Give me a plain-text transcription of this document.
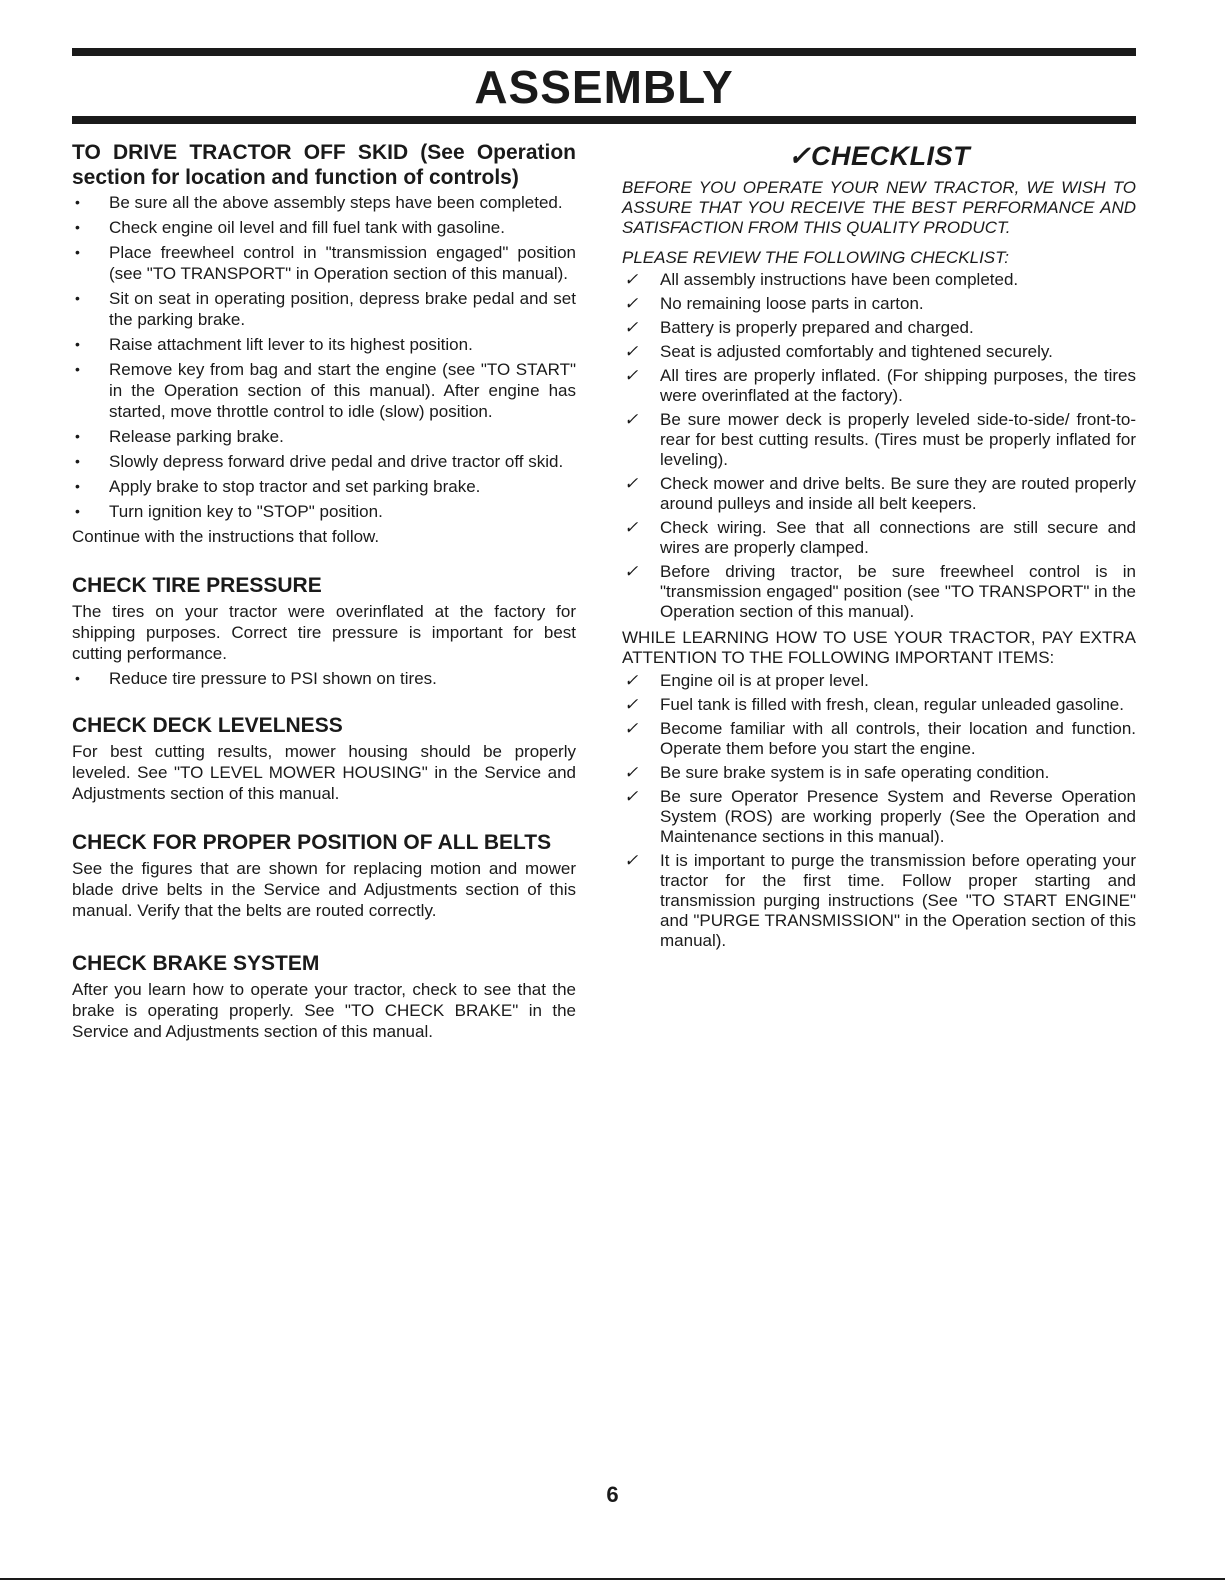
ASSEMBLY
TO DRIVE TRACTOR OFF SKID (See Operation section for location and function of controls)
• Be sure all the above assembly steps have been completed.
• Check engine oil level and fill fuel tank with gasoline.
• Place freewheel control in "transmission engaged" position (see "TO TRANSPORT" in Operation section of this manual).
• Sit on seat in operating position, depress brake pedal and set the parking brake.
• Raise attachment lift lever to its highest position.
• Remove key from bag and start the engine (see "TO START" in the Operation section of this manual). After engine has started, move throttle control to idle (slow) position.
• Release parking brake.
• Slowly depress forward drive pedal and drive tractor off skid.
• Apply brake to stop tractor and set parking brake.
• Turn ignition key to "STOP" position.

Continue with the instructions that follow.

CHECK TIRE PRESSURE

The tires on your tractor were overinflated at the factory for shipping purposes. Correct tire pressure is important for best cutting performance.

• Reduce tire pressure to PSI shown on tires.
CHECK DECK LEVELNESS

For best cutting results, mower housing should be properly leveled. See "TO LEVEL MOWER HOUSING" in the Service and Adjustments section of this manual.

CHECK FOR PROPER POSITION OF ALL BELTS

See the figures that are shown for replacing motion and mower blade drive belts in the Service and Adjustments section of this manual. Verify that the belts are routed correctly.

CHECK BRAKE SYSTEM

After you learn how to operate your tractor, check to see that the brake is operating properly. See "TO CHECK BRAKE" in the Service and Adjustments section of this manual.

✓CHECKLIST
BEFORE YOU OPERATE YOUR NEW TRACTOR, WE WISH TO ASSURE THAT YOU RECEIVE THE BEST PERFORMANCE AND SATISFACTION FROM THIS QUALITY PRODUCT.
PLEASE REVIEW THE FOLLOWING CHECKLIST:
✓ All assembly instructions have been completed.
✓ No remaining loose parts in carton.
✓ Battery is properly prepared and charged.
✓ Seat is adjusted comfortably and tightened securely.
✓ All tires are properly inflated. (For shipping purposes, the tires were overinflated at the factory).
✓ Be sure mower deck is properly leveled side-to-side/ front-to-rear for best cutting results. (Tires must be properly inflated for leveling).
✓ Check mower and drive belts. Be sure they are routed properly around pulleys and inside all belt keepers.
✓ Check wiring. See that all connections are still secure and wires are properly clamped.
✓ Before driving tractor, be sure freewheel control is in "transmission engaged" position (see "TO TRANSPORT" in the Operation section of this manual).
WHILE LEARNING HOW TO USE YOUR TRACTOR, PAY EXTRA ATTENTION TO THE FOLLOWING IMPORTANT ITEMS:
✓ Engine oil is at proper level.
✓ Fuel tank is filled with fresh, clean, regular unleaded gasoline.
✓ Become familiar with all controls, their location and function. Operate them before you start the engine.
✓ Be sure brake system is in safe operating condition.
✓ Be sure Operator Presence System and Reverse Operation System (ROS) are working properly (See the Operation and Maintenance sections in this manual).
✓ It is important to purge the transmission before operating your tractor for the first time. Follow proper starting and transmission purging instructions (See "TO START ENGINE" and "PURGE TRANSMISSION" in the Operation section of this manual).
6
